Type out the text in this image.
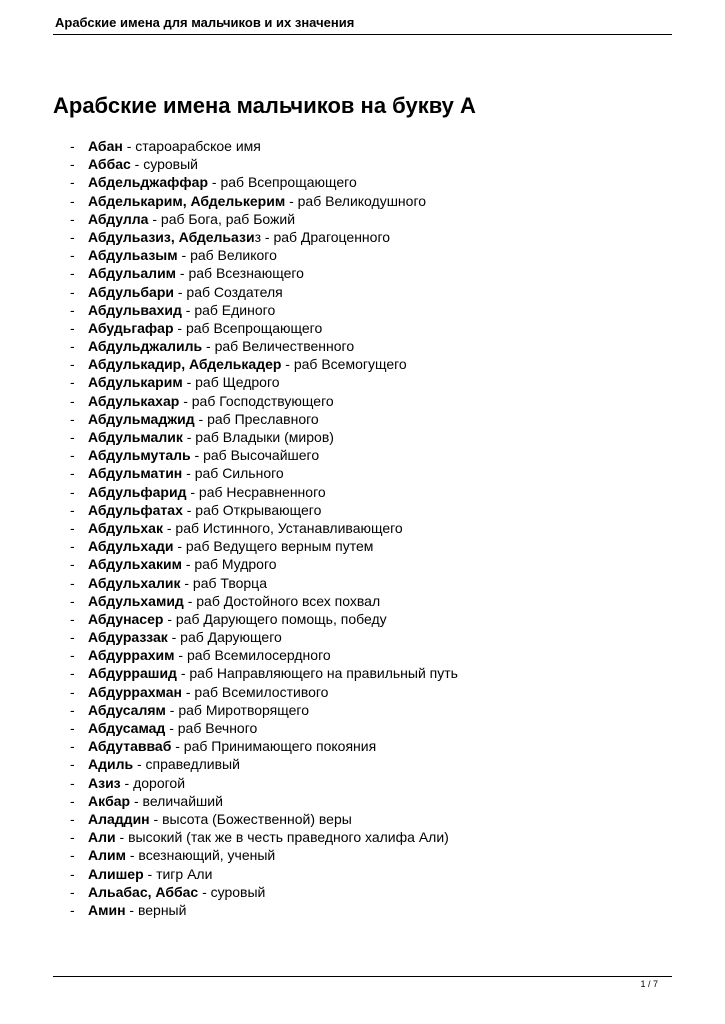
Арабские имена для мальчиков и их значения
Арабские имена мальчиков на букву А
- Абан - староарабское имя
- Аббас - суровый
- Абдельджаффар - раб Всепрощающего
- Абделькарим, Абделькерим - раб Великодушного
- Абдулла - раб Бога, раб Божий
- Абдульазиз, Абдельазиз - раб Драгоценного
- Абдульазым - раб Великого
- Абдульалим - раб Всезнающего
- Абдульбари - раб Создателя
- Абдульвахид - раб Единого
- Абудьгафар - раб Всепрощающего
- Абдульджалиль - раб Величественного
- Абдулькадир, Абделькадер - раб Всемогущего
- Абдулькарим - раб Щедрого
- Абдулькахар - раб Господствующего
- Абдульмаджид - раб Преславного
- Абдульмалик - раб Владыки (миров)
- Абдульмуталь - раб Высочайшего
- Абдульматин - раб Сильного
- Абдульфарид - раб Несравненного
- Абдульфатах - раб Открывающего
- Абдульхак - раб Истинного, Устанавливающего
- Абдульхади - раб Ведущего верным путем
- Абдульхаким - раб Мудрого
- Абдульхалик - раб Творца
- Абдульхамид - раб Достойного всех похвал
- Абдунасер - раб Дарующего помощь, победу
- Абдураззак - раб Дарующего
- Абдуррахим - раб Всемилосердного
- Абдуррашид - раб Направляющего на правильный путь
- Абдуррахман - раб Всемилостивого
- Абдусалям - раб Миротворящего
- Абдусамад - раб Вечного
- Абдутавваб - раб Принимающего покояния
- Адиль - справедливый
- Азиз - дорогой
- Акбар - величайший
- Аладдин - высота (Божественной) веры
- Али - высокий (так же в честь праведного халифа Али)
- Алим - всезнающий, ученый
- Алишер - тигр Али
- Альабас, Аббас - суровый
- Амин - верный
1 / 7
